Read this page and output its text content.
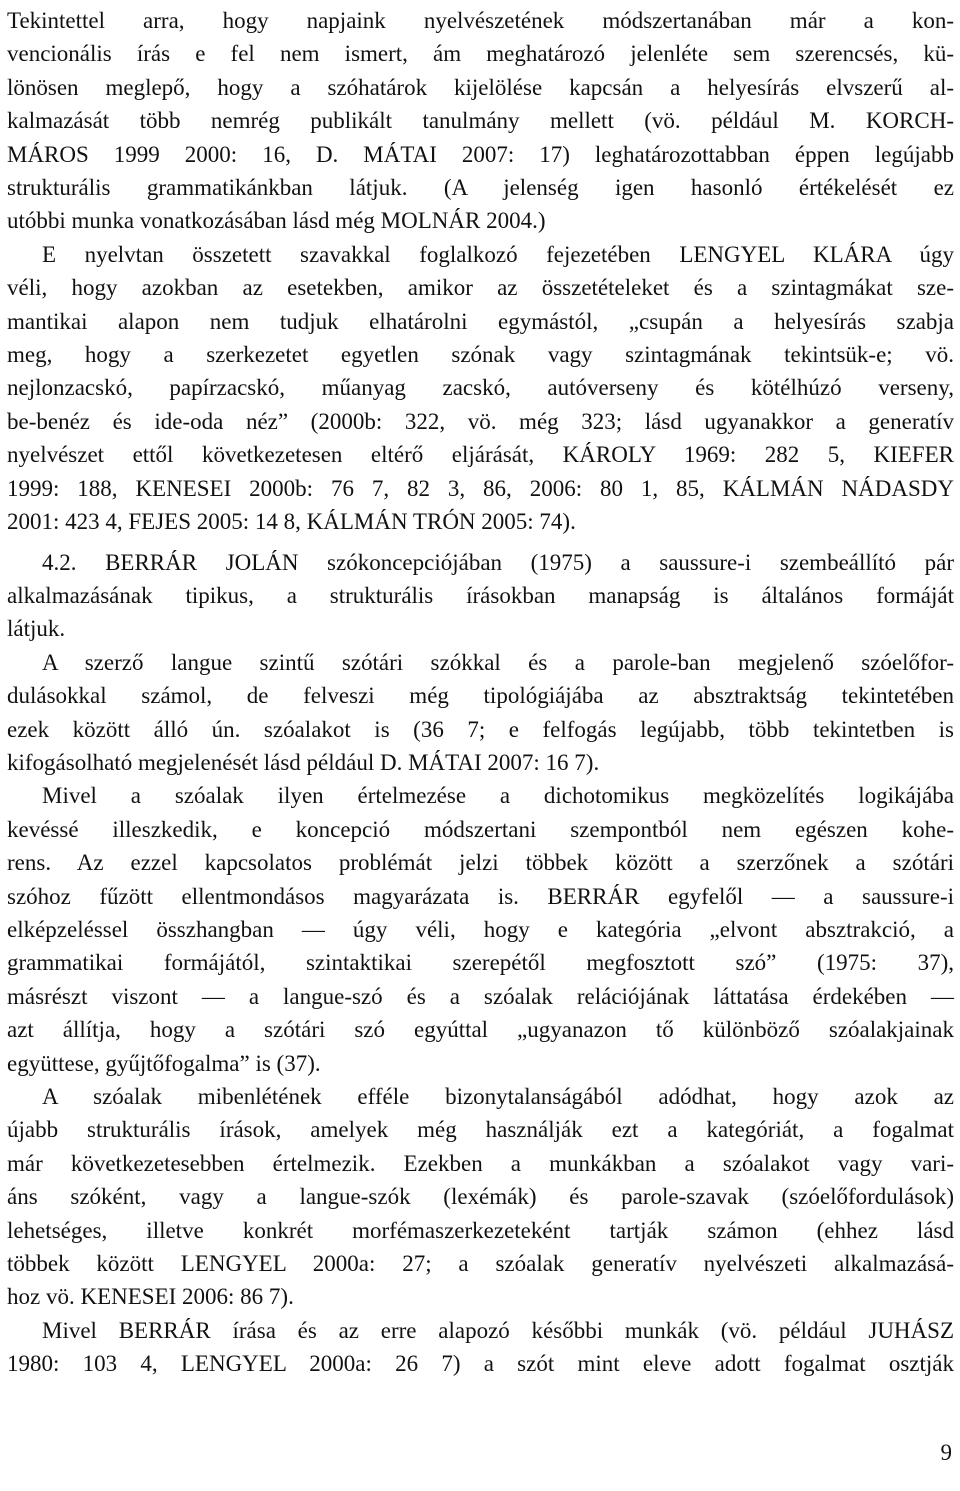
Tekintettel arra, hogy napjaink nyelvészetének módszertanában már a kon-
vencionális írás e fel nem ismert, ám meghatározó jelenléte sem szerencsés, kü-
lönösen meglepő, hogy a szóhatárok kijelölése kapcsán a helyesírás elvszerű al-
kalmazását több nemrég publikált tanulmány mellett (vö. például M. KORCH-
MÁROS 1999 2000: 16, D. MÁTAI 2007: 17) leghatározottabban éppen legújabb
strukturális grammatikánkban látjuk. (A jelenség igen hasonló értékelését ez
utóbbi munka vonatkozásában lásd még MOLNÁR 2004.)
E nyelvtan összetett szavakkal foglalkozó fejezetében LENGYEL KLÁRA úgy
véli, hogy azokban az esetekben, amikor az összetételeket és a szintagmákat sze-
mantikai alapon nem tudjuk elhatárolni egymástól, „csupán a helyesírás szabja
meg, hogy a szerkezetet egyetlen szónak vagy szintagmának tekintsük-e; vö.
nejlonzacskó, papírzacskó, műanyag zacskó, autóverseny és kötélhúzó verseny,
be-benéz és ide-oda néz” (2000b: 322, vö. még 323; lásd ugyanakkor a generatív
nyelvészet ettől következetesen eltérő eljárását, KÁROLY 1969: 282 5, KIEFER
1999: 188, KENESEI 2000b: 76 7, 82 3, 86, 2006: 80 1, 85, KÁLMÁN NÁDASDY
2001: 423 4, FEJES 2005: 14 8, KÁLMÁN TRÓN 2005: 74).
4.2. BERRÁR JOLÁN szókoncepciójában (1975) a saussure-i szembeállító pár
alkalmazásának tipikus, a strukturális írásokban manapság is általános formáját
látjuk.
A szerző langue szintű szótári szókkal és a parole-ban megjelenő szóelőfor-
dulásokkal számol, de felveszi még tipológiájába az absztraktság tekintetében
ezek között álló ún. szóalakot is (36 7; e felfogás legújabb, több tekintetben is
kifogásolható megjelenését lásd például D. MÁTAI 2007: 16 7).
Mivel a szóalak ilyen értelmezése a dichotomikus megközelítés logikájába
kevéssé illeszkedik, e koncepció módszertani szempontból nem egészen kohe-
rens. Az ezzel kapcsolatos problémát jelzi többek között a szerzőnek a szótári
szóhoz fűzött ellentmondásos magyarázata is. BERRÁR egyfelől — a saussure-i
elképzeléssel összhangban — úgy véli, hogy e kategória „elvont absztrakció, a
grammatikai formájától, szintaktikai szerepétől megfosztott szó” (1975: 37),
másrészt viszont — a langue-szó és a szóalak relációjának láttatása érdekében —
azt állítja, hogy a szótári szó egyúttal „ugyanazon tő különböző szóalakjainak
együttese, gyűjtőfogalma” is (37).
A szóalak mibenlétének efféle bizonytalanságából adódhat, hogy azok az
újabb strukturális írások, amelyek még használják ezt a kategóriát, a fogalmat
már következetesebben értelmezik. Ezekben a munkákban a szóalakot vagy vari-
áns szóként, vagy a langue-szók (lexémák) és parole-szavak (szóelőfordulások)
lehetséges, illetve konkrét morfémaszerkezeteként tartják számon (ehhez lásd
többek között LENGYEL 2000a: 27; a szóalak generatív nyelvészeti alkalmazásá-
hoz vö. KENESEI 2006: 86 7).
Mivel BERRÁR írása és az erre alapozó későbbi munkák (vö. például JUHÁSZ
1980: 103 4, LENGYEL 2000a: 26 7) a szót mint eleve adott fogalmat osztják
9
